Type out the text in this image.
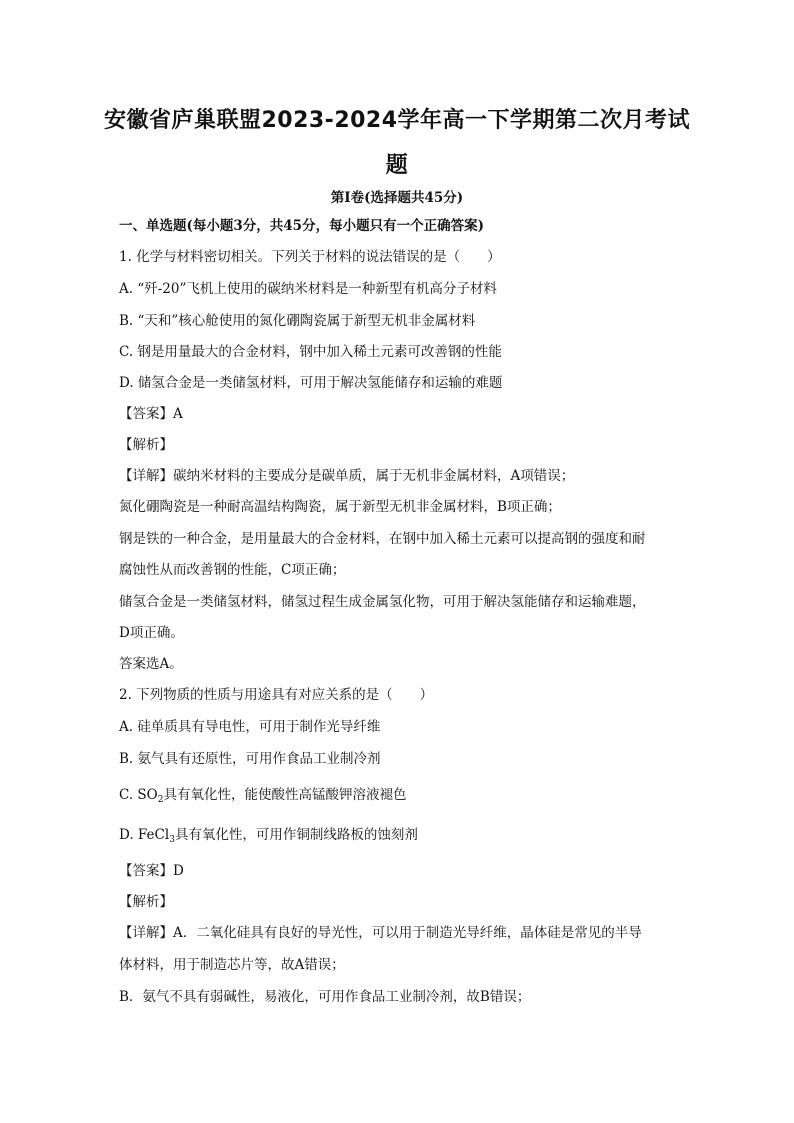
安徽省庐巢联盟2023-2024学年高一下学期第二次月考试
题
第Ⅰ卷(选择题共45分)
一、单选题(每小题3分，共45分，每小题只有一个正确答案)
1. 化学与材料密切相关。下列关于材料的说法错误的是（　　）
A. “歼-20”飞机上使用的碳纳米材料是一种新型有机高分子材料
B. “天和”核心舱使用的氮化硼陶瓷属于新型无机非金属材料
C. 钢是用量最大的合金材料，钢中加入稀土元素可改善钢的性能
D. 储氢合金是一类储氢材料，可用于解决氢能储存和运输的难题
【答案】A
【解析】
【详解】碳纳米材料的主要成分是碳单质，属于无机非金属材料，A项错误；
氮化硼陶瓷是一种耐高温结构陶瓷，属于新型无机非金属材料，B项正确；
钢是铁的一种合金，是用量最大的合金材料，在钢中加入稀土元素可以提高钢的强度和耐
腐蚀性从而改善钢的性能，C项正确；
储氢合金是一类储氢材料，储氢过程生成金属氢化物，可用于解决氢能储存和运输难题，
D项正确。
答案选A。
2. 下列物质的性质与用途具有对应关系的是（　　）
A. 硅单质具有导电性，可用于制作光导纤维
B. 氨气具有还原性，可用作食品工业制冷剂
C. $SO_2$具有氧化性，能使酸性高锰酸钾溶液褪色
D. FeCl$_3$具有氧化性，可用作铜制线路板的蚀刻剂
【答案】D
【解析】
【详解】A．二氧化硅具有良好的导光性，可以用于制造光导纤维，晶体硅是常见的半导
体材料，用于制造芯片等，故A错误；
B．氨气不具有弱碱性，易液化，可用作食品工业制冷剂，故B错误；
